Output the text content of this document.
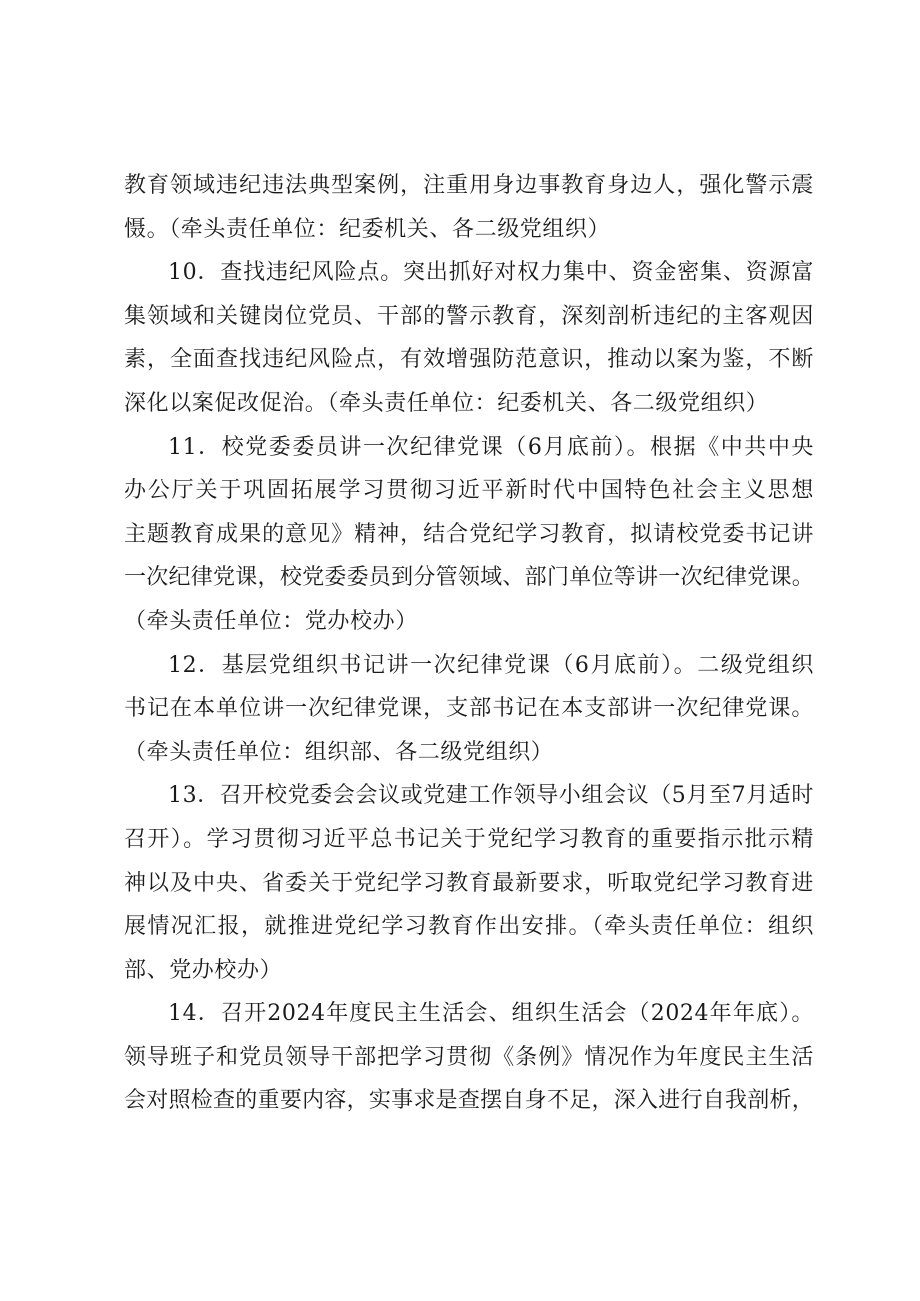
教育领域违纪违法典型案例，注重用身边事教育身边人，强化警示震
慑。（牵头责任单位：纪委机关、各二级党组织）
10．查找违纪风险点。突出抓好对权力集中、资金密集、资源富
集领域和关键岗位党员、干部的警示教育，深刻剖析违纪的主客观因
素，全面查找违纪风险点，有效增强防范意识，推动以案为鉴，不断
深化以案促改促治。（牵头责任单位：纪委机关、各二级党组织）
11．校党委委员讲一次纪律党课（6月底前）。根据《中共中央
办公厅关于巩固拓展学习贯彻习近平新时代中国特色社会主义思想
主题教育成果的意见》精神，结合党纪学习教育，拟请校党委书记讲
一次纪律党课，校党委委员到分管领域、部门单位等讲一次纪律党课。
（牵头责任单位：党办校办）
12．基层党组织书记讲一次纪律党课（6月底前）。二级党组织
书记在本单位讲一次纪律党课，支部书记在本支部讲一次纪律党课。
（牵头责任单位：组织部、各二级党组织）
13．召开校党委会会议或党建工作领导小组会议（5月至7月适时
召开）。学习贯彻习近平总书记关于党纪学习教育的重要指示批示精
神以及中央、省委关于党纪学习教育最新要求，听取党纪学习教育进
展情况汇报，就推进党纪学习教育作出安排。（牵头责任单位：组织
部、党办校办）
14．召开2024年度民主生活会、组织生活会（2024年年底）。
领导班子和党员领导干部把学习贯彻《条例》情况作为年度民主生活
会对照检查的重要内容，实事求是查摆自身不足，深入进行自我剖析，
